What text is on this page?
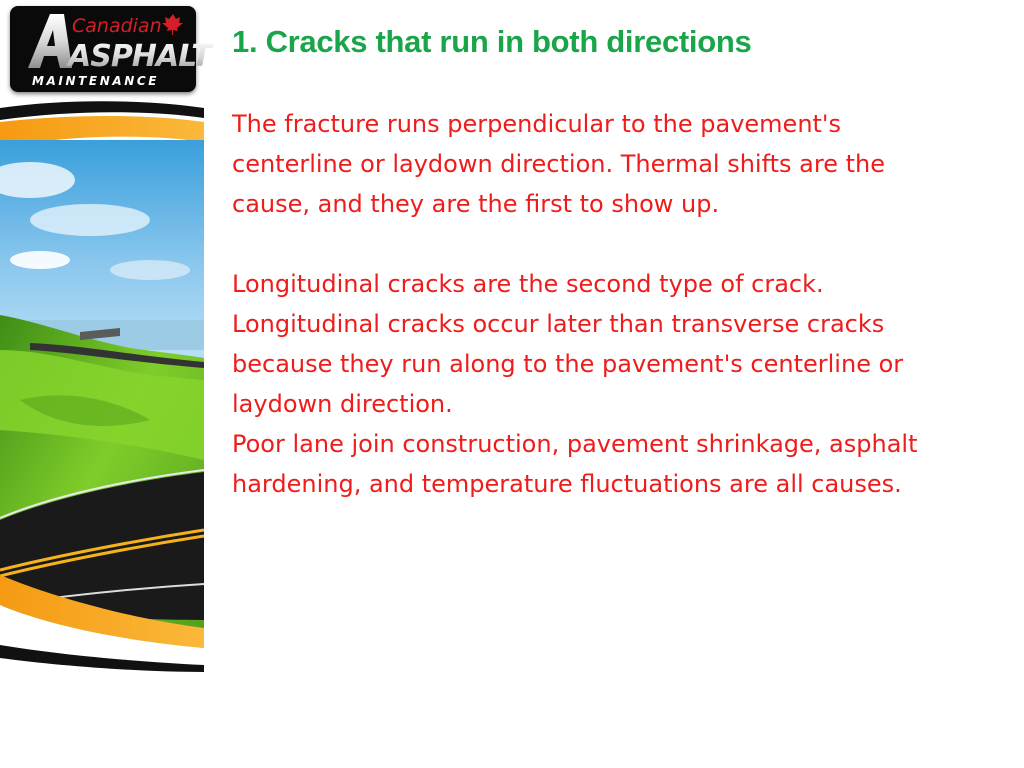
Canadian
ASPHALT
MAINTENANCE
1. Cracks that run in both directions

The fracture runs perpendicular to the pavement's

centerline or laydown direction. Thermal shifts are the

cause, and they are the first to show up.

Longitudinal cracks are the second type of crack.

Longitudinal cracks occur later than transverse cracks

because they run along to the pavement's centerline or

laydown direction.

Poor lane join construction, pavement shrinkage, asphalt

hardening, and temperature fluctuations are all causes.
